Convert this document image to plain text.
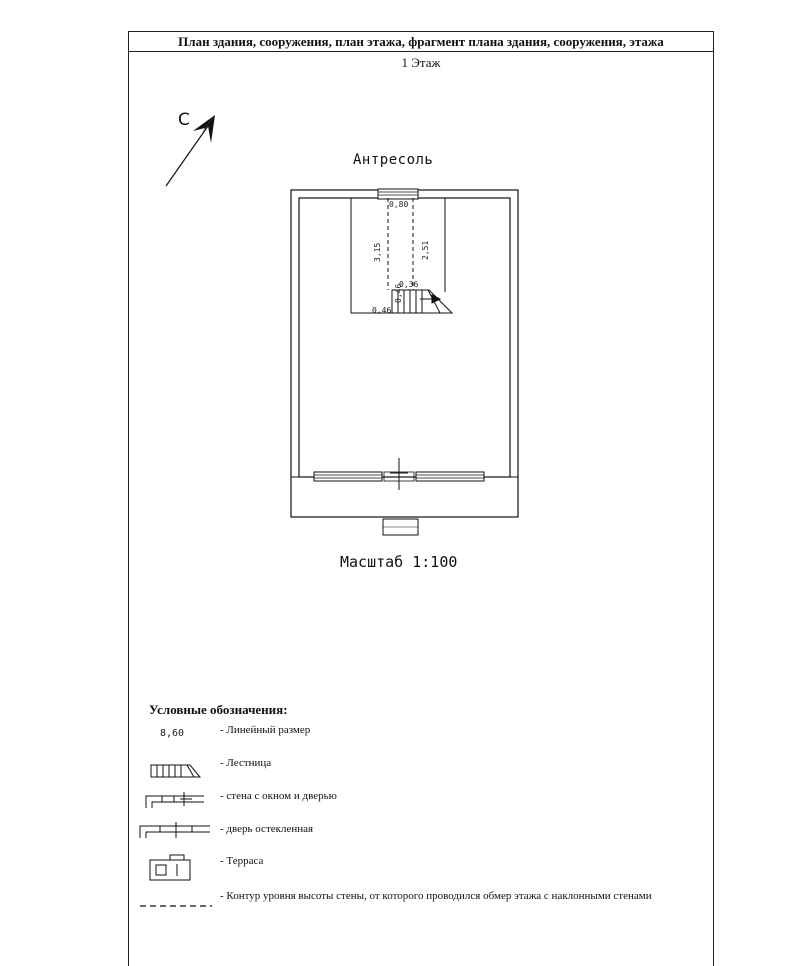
План здания, сооружения, план этажа, фрагмент плана здания, сооружения, этажа
1 Этаж
С
Антресоль
0,80
3,15	2,51
0,36
0,46
0,46
Масштаб 1:100
8,60
Условные обозначения:
- Линейный размер
- Лестница
- стена с окном и дверью
- дверь остекленная
- Терраса
- Контур уровня высоты стены, от которого проводился обмер этажа с наклонными стенами
